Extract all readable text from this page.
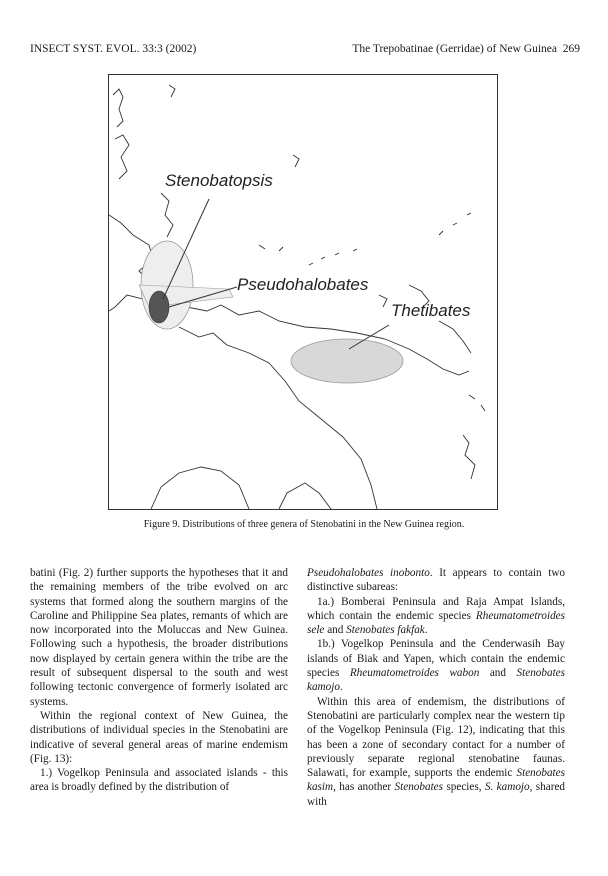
INSECT SYST. EVOL. 33:3 (2002)	The Trepobatinae (Gerridae) of New Guinea 269
Stenobatopsis
Pseudohalobates
Thetibates
Figure 9. Distributions of three genera of Stenobatini in the New Guinea region.

batini (Fig. 2) further supports the hypotheses that it and the remaining members of the tribe evolved on arc systems that formed along the southern margins of the Caroline and Philippine Sea plates, remants of which are now incorporated into the Moluccas and New Guinea. Following such a hypothesis, the broader distributions now displayed by certain genera within the tribe are the result of subsequent dispersal to the south and west following tectonic convergence of formerly isolated arc systems.

Within the regional context of New Guinea, the distributions of individual species in the Stenobatini are indicative of several general areas of marine endemism (Fig. 13):

1.) Vogelkop Peninsula and associated islands - this area is broadly defined by the distribution of

Pseudohalobates inobonto. It appears to contain two distinctive subareas:

1a.) Bomberai Peninsula and Raja Ampat Islands, which contain the endemic species Rheumatometroides sele and Stenobates fakfak.

1b.) Vogelkop Peninsula and the Cenderwasih Bay islands of Biak and Yapen, which contain the endemic species Rheumatometroides wabon and Stenobates kamojo.

Within this area of endemism, the distributions of Stenobatini are particularly complex near the western tip of the Vogelkop Peninsula (Fig. 12), indicating that this has been a zone of secondary contact for a number of previously separate regional stenobatine faunas. Salawati, for example, supports the endemic Stenobates kasim, has another Stenobates species, S. kamojo, shared with
